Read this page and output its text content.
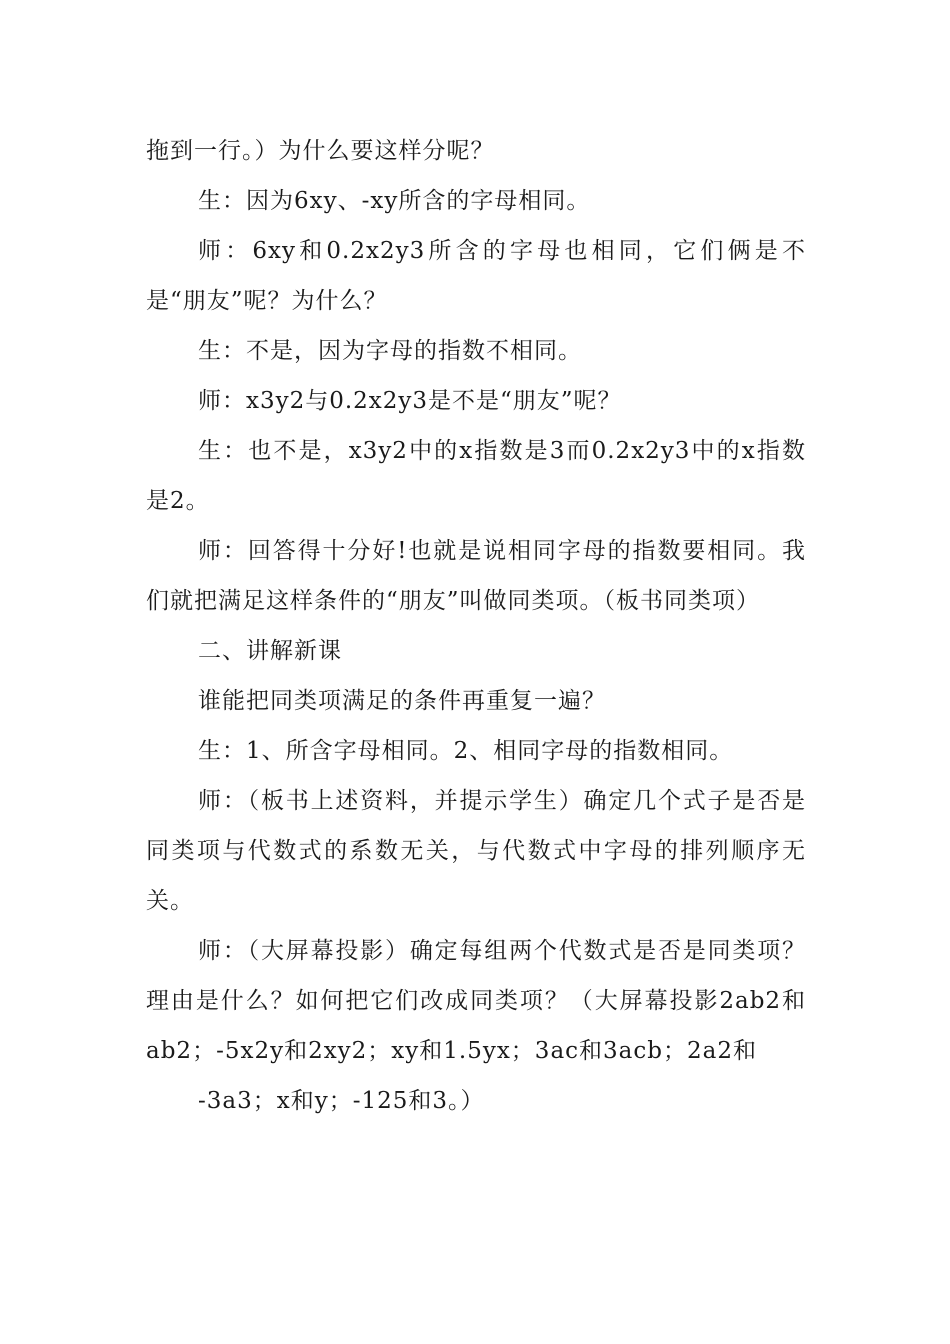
拖到一行。）为什么要这样分呢？

生：因为6xy、-xy所含的字母相同。

师：6xy和0.2x2y3所含的字母也相同，它们俩是不是“朋友”呢？为什么？

生：不是，因为字母的指数不相同。

师：x3y2与0.2x2y3是不是“朋友”呢？

生：也不是，x3y2中的x指数是3而0.2x2y3中的x指数是2。

师：回答得十分好!也就是说相同字母的指数要相同。我们就把满足这样条件的“朋友”叫做同类项。（板书同类项）

二、讲解新课

谁能把同类项满足的条件再重复一遍？

生：1、所含字母相同。2、相同字母的指数相同。

师：（板书上述资料，并提示学生）确定几个式子是否是同类项与代数式的系数无关，与代数式中字母的排列顺序无关。

师：（大屏幕投影）确定每组两个代数式是否是同类项？理由是什么？如何把它们改成同类项？（大屏幕投影2ab2和ab2；-5x2y和2xy2；xy和1.5yx；3ac和3acb；2a2和

-3a3；x和y；-125和3。）
